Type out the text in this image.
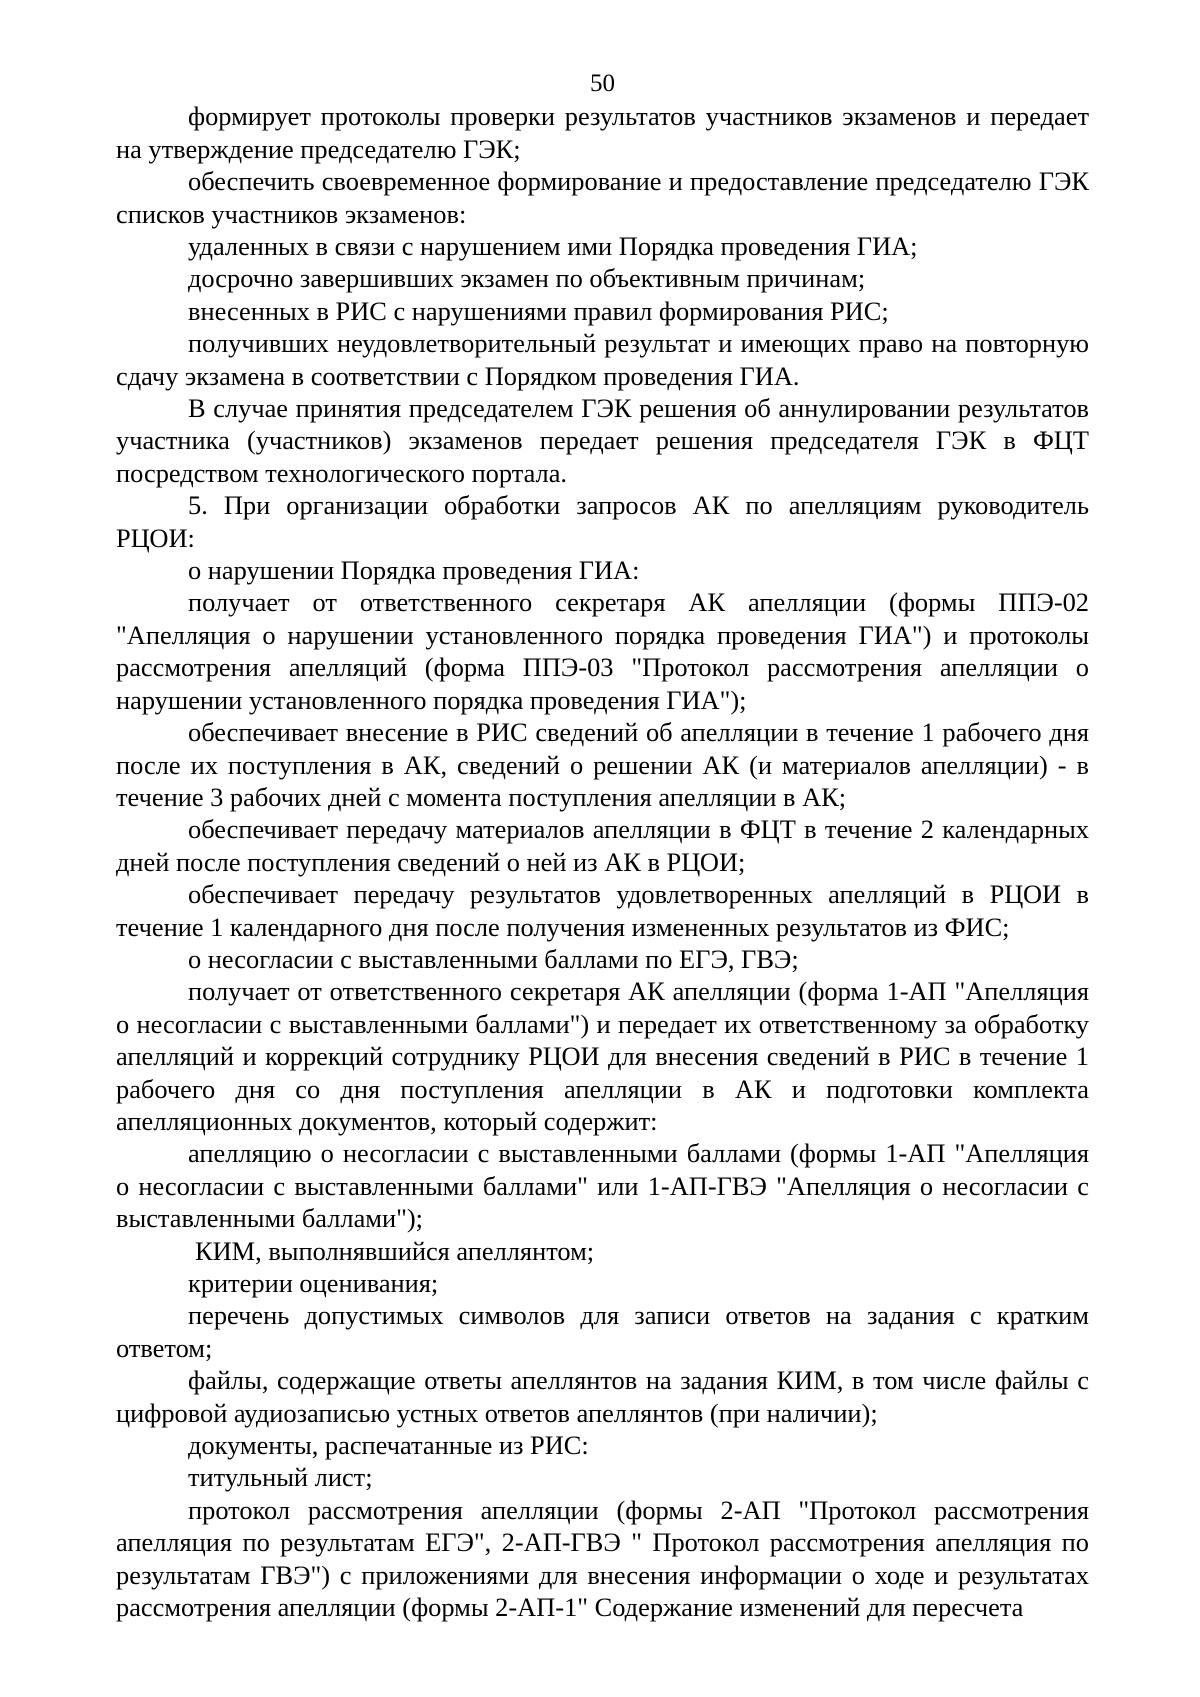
50

формирует протоколы проверки результатов участников экзаменов и передает на утверждение председателю ГЭК;

обеспечить своевременное формирование и предоставление председателю ГЭК списков участников экзаменов:

удаленных в связи с нарушением ими Порядка проведения ГИА;

досрочно завершивших экзамен по объективным причинам;

внесенных в РИС с нарушениями правил формирования РИС;

получивших неудовлетворительный результат и имеющих право на повторную сдачу экзамена в соответствии с Порядком проведения ГИА.

В случае принятия председателем ГЭК решения об аннулировании результатов участника (участников) экзаменов передает решения председателя ГЭК в ФЦТ посредством технологического портала.

5. При организации обработки запросов АК по апелляциям руководитель РЦОИ:

о нарушении Порядка проведения ГИА:

получает от ответственного секретаря АК апелляции (формы ППЭ-02 "Апелляция о нарушении установленного порядка проведения ГИА") и протоколы рассмотрения апелляций (форма ППЭ-03 "Протокол рассмотрения апелляции о нарушении установленного порядка проведения ГИА");

обеспечивает внесение в РИС сведений об апелляции в течение 1 рабочего дня после их поступления в АК, сведений о решении АК (и материалов апелляции) - в течение 3 рабочих дней с момента поступления апелляции в АК;

обеспечивает передачу материалов апелляции в ФЦТ в течение 2 календарных дней после поступления сведений о ней из АК в РЦОИ;

обеспечивает передачу результатов удовлетворенных апелляций в РЦОИ в течение 1 календарного дня после получения измененных результатов из ФИС;

о несогласии с выставленными баллами по ЕГЭ, ГВЭ;

получает от ответственного секретаря АК апелляции (форма 1-АП "Апелляция о несогласии с выставленными баллами") и передает их ответственному за обработку апелляций и коррекций сотруднику РЦОИ для внесения сведений в РИС в течение 1 рабочего дня со дня поступления апелляции в АК и подготовки комплекта апелляционных документов, который содержит:

апелляцию о несогласии с выставленными баллами (формы 1-АП "Апелляция о несогласии с выставленными баллами" или 1-АП-ГВЭ "Апелляция о несогласии с выставленными баллами");

КИМ, выполнявшийся апеллянтом;

критерии оценивания;

перечень допустимых символов для записи ответов на задания с кратким ответом;

файлы, содержащие ответы апеллянтов на задания КИМ, в том числе файлы с цифровой аудиозаписью устных ответов апеллянтов (при наличии);

документы, распечатанные из РИС:

титульный лист;

протокол рассмотрения апелляции (формы 2-АП "Протокол рассмотрения апелляция по результатам ЕГЭ", 2-АП-ГВЭ " Протокол рассмотрения апелляция по результатам ГВЭ") с приложениями для внесения информации о ходе и результатах рассмотрения апелляции (формы 2-АП-1" Содержание изменений для пересчета
